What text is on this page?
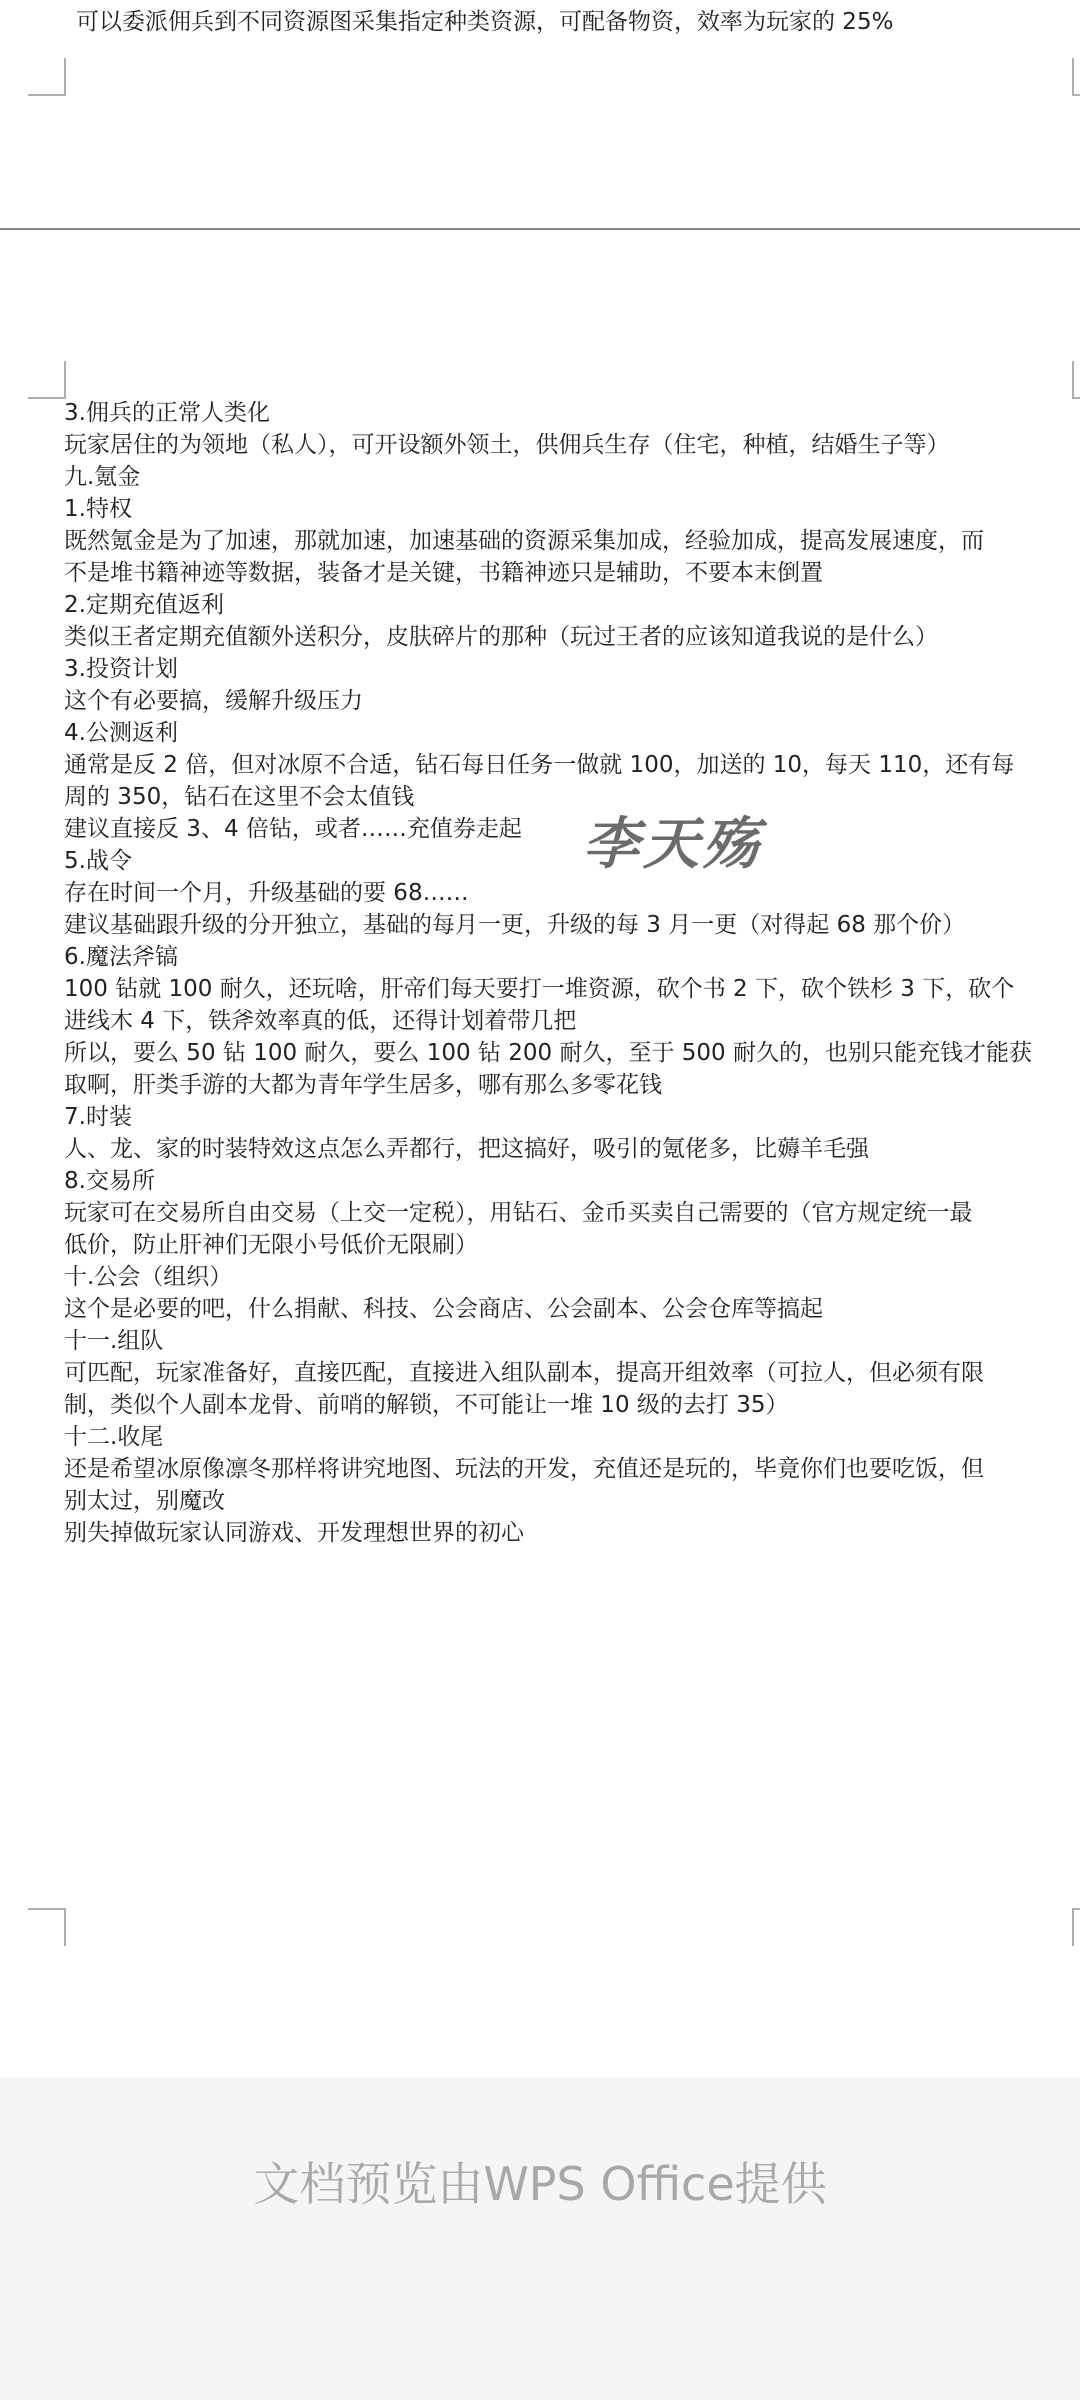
可以委派佣兵到不同资源图采集指定种类资源，可配备物资，效率为玩家的 25%
3.佣兵的正常人类化
玩家居住的为领地（私人），可开设额外领土，供佣兵生存（住宅，种植，结婚生子等）
九.氪金
1.特权
既然氪金是为了加速，那就加速，加速基础的资源采集加成，经验加成，提高发展速度，而
不是堆书籍神迹等数据，装备才是关键，书籍神迹只是辅助，不要本末倒置
2.定期充值返利
类似王者定期充值额外送积分，皮肤碎片的那种（玩过王者的应该知道我说的是什么）
3.投资计划
这个有必要搞，缓解升级压力
4.公测返利
通常是反 2 倍，但对冰原不合适，钻石每日任务一做就 100，加送的 10，每天 110，还有每
周的 350，钻石在这里不会太值钱
建议直接反 3、4 倍钻，或者……充值券走起
5.战令
存在时间一个月，升级基础的要 68……
建议基础跟升级的分开独立，基础的每月一更，升级的每 3 月一更（对得起 68 那个价）
6.魔法斧镐
100 钻就 100 耐久，还玩啥，肝帝们每天要打一堆资源，砍个书 2 下，砍个铁杉 3 下，砍个
进线木 4 下，铁斧效率真的低，还得计划着带几把
所以，要么 50 钻 100 耐久，要么 100 钻 200 耐久，至于 500 耐久的，也别只能充钱才能获
取啊，肝类手游的大都为青年学生居多，哪有那么多零花钱
7.时装
人、龙、家的时装特效这点怎么弄都行，把这搞好，吸引的氪佬多，比薅羊毛强
8.交易所
玩家可在交易所自由交易（上交一定税），用钻石、金币买卖自己需要的（官方规定统一最
低价，防止肝神们无限小号低价无限刷）
十.公会（组织）
这个是必要的吧，什么捐献、科技、公会商店、公会副本、公会仓库等搞起
十一.组队
可匹配，玩家准备好，直接匹配，直接进入组队副本，提高开组效率（可拉人，但必须有限
制，类似个人副本龙骨、前哨的解锁，不可能让一堆 10 级的去打 35）
十二.收尾
还是希望冰原像凛冬那样将讲究地图、玩法的开发，充值还是玩的，毕竟你们也要吃饭，但
别太过，别魔改
别失掉做玩家认同游戏、开发理想世界的初心
李天殇
文档预览由WPS Office提供
